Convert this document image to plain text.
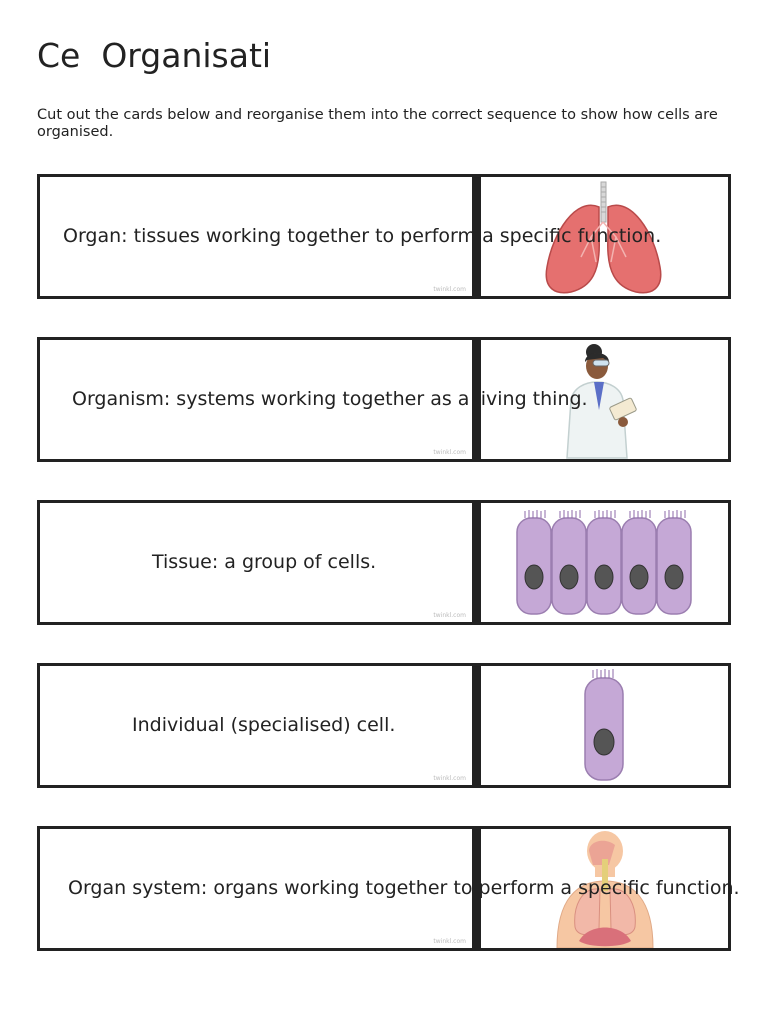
Ce  Organisati

Cut out the cards below and reorganise them into the correct sequence to show how cells are organised.

twinkl.com

Organ: tissues working together to perform a specific function.

twinkl.com

Organism: systems working together as a living thing.

twinkl.com

Tissue: a group of cells.

twinkl.com

Individual (specialised) cell.

twinkl.com

Organ system: organs working together to perform a specific function.
